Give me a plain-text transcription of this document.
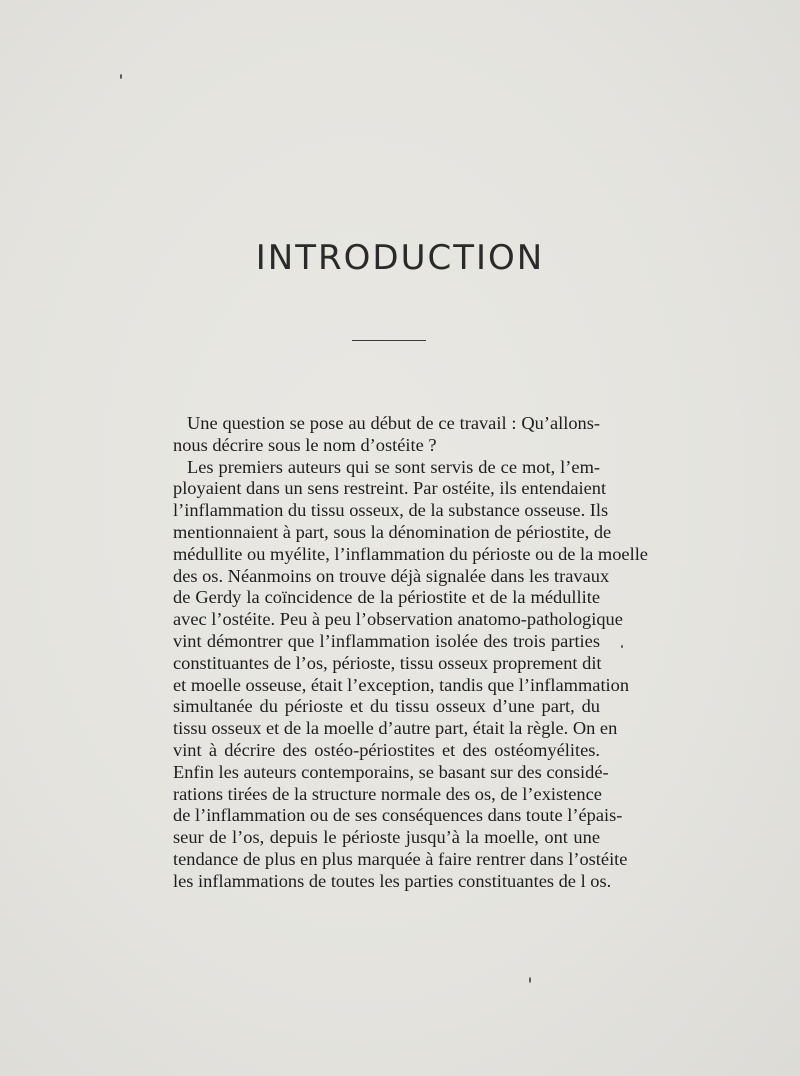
INTRODUCTION
Une question se pose au début de ce travail : Qu’allons-
nous décrire sous le nom d’ostéite ?
Les premiers auteurs qui se sont servis de ce mot, l’em-
ployaient dans un sens restreint. Par ostéite, ils entendaient
l’inflammation du tissu osseux, de la substance osseuse. Ils
mentionnaient à part, sous la dénomination de périostite, de
médullite ou myélite, l’inflammation du périoste ou de la moelle
des os. Néanmoins on trouve déjà signalée dans les travaux
de Gerdy la coïncidence de la périostite et de la médullite
avec l’ostéite. Peu à peu l’observation anatomo-pathologique
vint démontrer que l’inflammation isolée des trois parties
constituantes de l’os, périoste, tissu osseux proprement dit
et moelle osseuse, était l’exception, tandis que l’inflammation
simultanée du périoste et du tissu osseux d’une part, du
tissu osseux et de la moelle d’autre part, était la règle. On en
vint à décrire des ostéo-périostites et des ostéomyélites.
Enfin les auteurs contemporains, se basant sur des considé-
rations tirées de la structure normale des os, de l’existence
de l’inflammation ou de ses conséquences dans toute l’épais-
seur de l’os, depuis le périoste jusqu’à la moelle, ont une
tendance de plus en plus marquée à faire rentrer dans l’ostéite
les inflammations de toutes les parties constituantes de l os.
